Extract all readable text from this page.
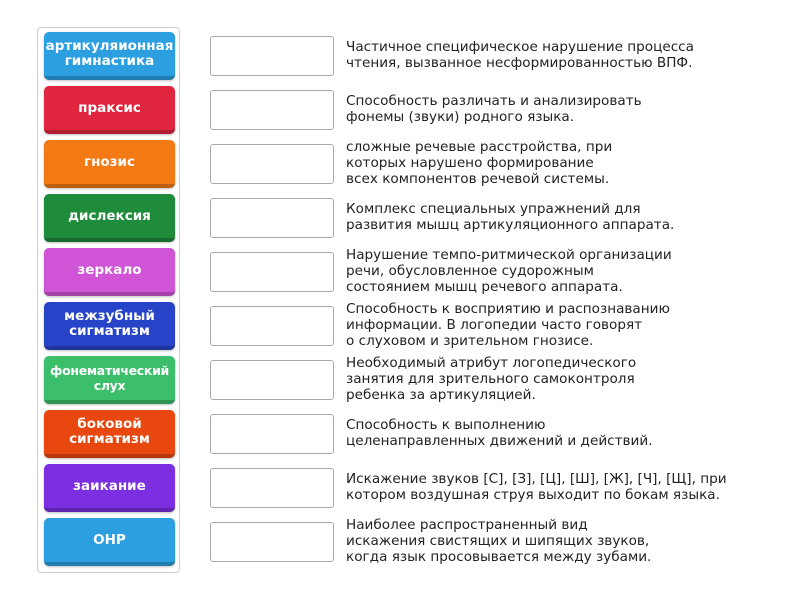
артикуляионная гимнастика
праксис
гнозис
дислексия
зеркало
межзубный сигматизм
фонематический слух
боковой сигматизм
заикание
ОНР
Частичное специфическое нарушение процесса
чтения, вызванное несформированностью ВПФ.
Способность различать и анализировать
фонемы (звуки) родного языка.
сложные речевые расстройства, при
которых нарушено формирование
всех компонентов речевой системы.
Комплекс специальных упражнений для
развития мышц артикуляционного аппарата.
Нарушение темпо-ритмической организации
речи, обусловленное судорожным
состоянием мышц речевого аппарата.
Способность к восприятию и распознаванию
информации. В логопедии часто говорят
о слуховом и зрительном гнозисе.
Необходимый атрибут логопедического
занятия для зрительного самоконтроля
ребенка за артикуляцией.
Способность к выполнению
целенаправленных движений и действий.
Искажение звуков [С], [З], [Ц], [Ш], [Ж], [Ч], [Щ], при
котором воздушная струя выходит по бокам языка.
Наиболее распространенный вид
искажения свистящих и шипящих звуков,
когда язык просовывается между зубами.
